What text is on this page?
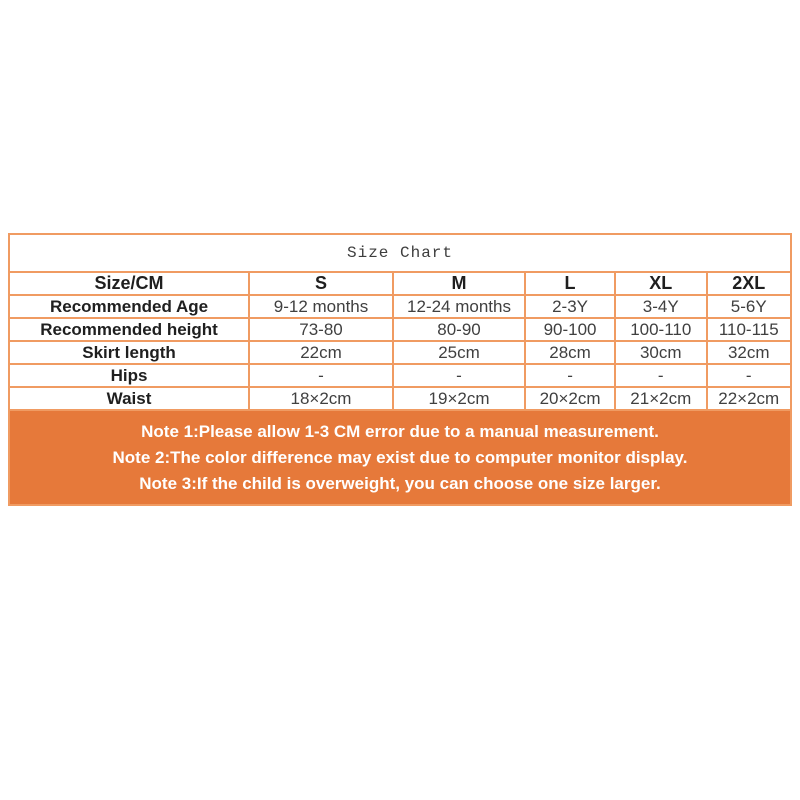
Size Chart					
Size/CM	S	M	L	XL	2XL
Recommended Age	9-12 months	12-24 months	2-3Y	3-4Y	5-6Y
Recommended height	73-80	80-90	90-100	100-110	110-115
Skirt length	22cm	25cm	28cm	30cm	32cm
Hips	-	-	-	-	-
Waist	18×2cm	19×2cm	20×2cm	21×2cm	22×2cm
Note 1:Please allow 1-3 CM error due to a manual measurement.
Note 2:The color difference may exist due to computer monitor display.
Note 3:If the child is overweight, you can choose one size larger.
